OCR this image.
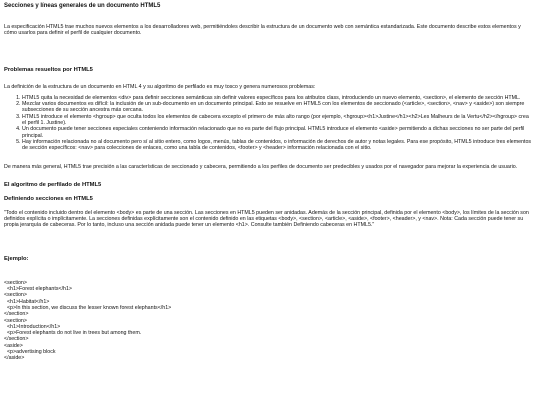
Secciones y líneas generales de un documento HTML5

La especificación HTML5 trae muchos nuevos elementos a los desarrolladores web, permitiéndoles describir la estructura de un documento web con semántica estandarizada. Este documento describe estos elementos y cómo usarlos para definir el perfil de cualquier documento.

Problemas resueltos por HTML5

La definición de la estructura de un documento en HTML 4 y su algoritmo de perfilado es muy tosco y genera numerosos problemas:

1. HTML5 quita la necesidad de elementos <div> para definir secciones semánticas sin definir valores específicos para los atributos class, introduciendo un nuevo elemento, <section>, el elemento de sección HTML.
2. Mezclar varios documentos es difícil: la inclusión de un sub-documento en un documento principal. Esto se resuelve en HTML5 con los elementos de seccionado (<article>, <section>, <nav> y <aside>) son siempre subsecciones de su sección ancestra más cercana.
3. HTML5 introduce el elemento <hgroup> que oculta todos los elementos de cabecera excepto el primero de más alto rango (por ejemplo, <hgroup><h1>Justine</h1><h2>Les Malheurs de la Vertu</h2></hgroup> crea el perfil 1. Justine).
4. Un documento puede tener secciones especiales conteniendo información relacionado que no es parte del flujo principal. HTML5 introduce el elemento <aside> permitiendo a dichas secciones no ser parte del perfil principal.
5. Hay información relacionada no al documento pero sí al sitio entero, como logos, menús, tablas de contenidos, o información de derechos de autor y notas legales. Para ese propósito, HTML5 introduce tres elementos de sección específicos: <nav> para colecciones de enlaces, como una tabla de contenidos, <footer> y <header> información relacionada con el sitio.

De manera más general, HTML5 trae precisión a las características de seccionado y cabecera, permitiendo a los perfiles de documento ser predecibles y usados por el navegador para mejorar la experiencia de usuario.

El algoritmo de perfilado de HTML5
Definiendo secciones en HTML5

"Todo el contenido incluido dentro del elemento <body> es parte de una sección. Las secciones en HTML5 pueden ser anidadas. Además de la sección principal, definida por el elemento <body>, los límites de la sección son definidos explícita o implícitamente. La secciones definidas explícitamente son el contenido definido en las etiquetas <body>, <section>, <article>, <aside>, <footer>, <header>, y <nav>. Nota: Cada sección puede tener su propia jerarquía de cabeceras. Por lo tanto, incluso una sección anidada puede tener un elemento <h1>. Consulte también Definiendo cabeceras en HTML5."

Ejemplo:
<section>
<h1>Forest elephants</h1>
<section>
<h1>Habitat</h1>
<p>In this section, we discuss the lesser known forest elephants</h1>
</section>
<section>
<h1>Introduction</h1>
<p>Forest elephants do not live in trees but among them.
</section>
<aside>
<p>advertising block
</aside>
